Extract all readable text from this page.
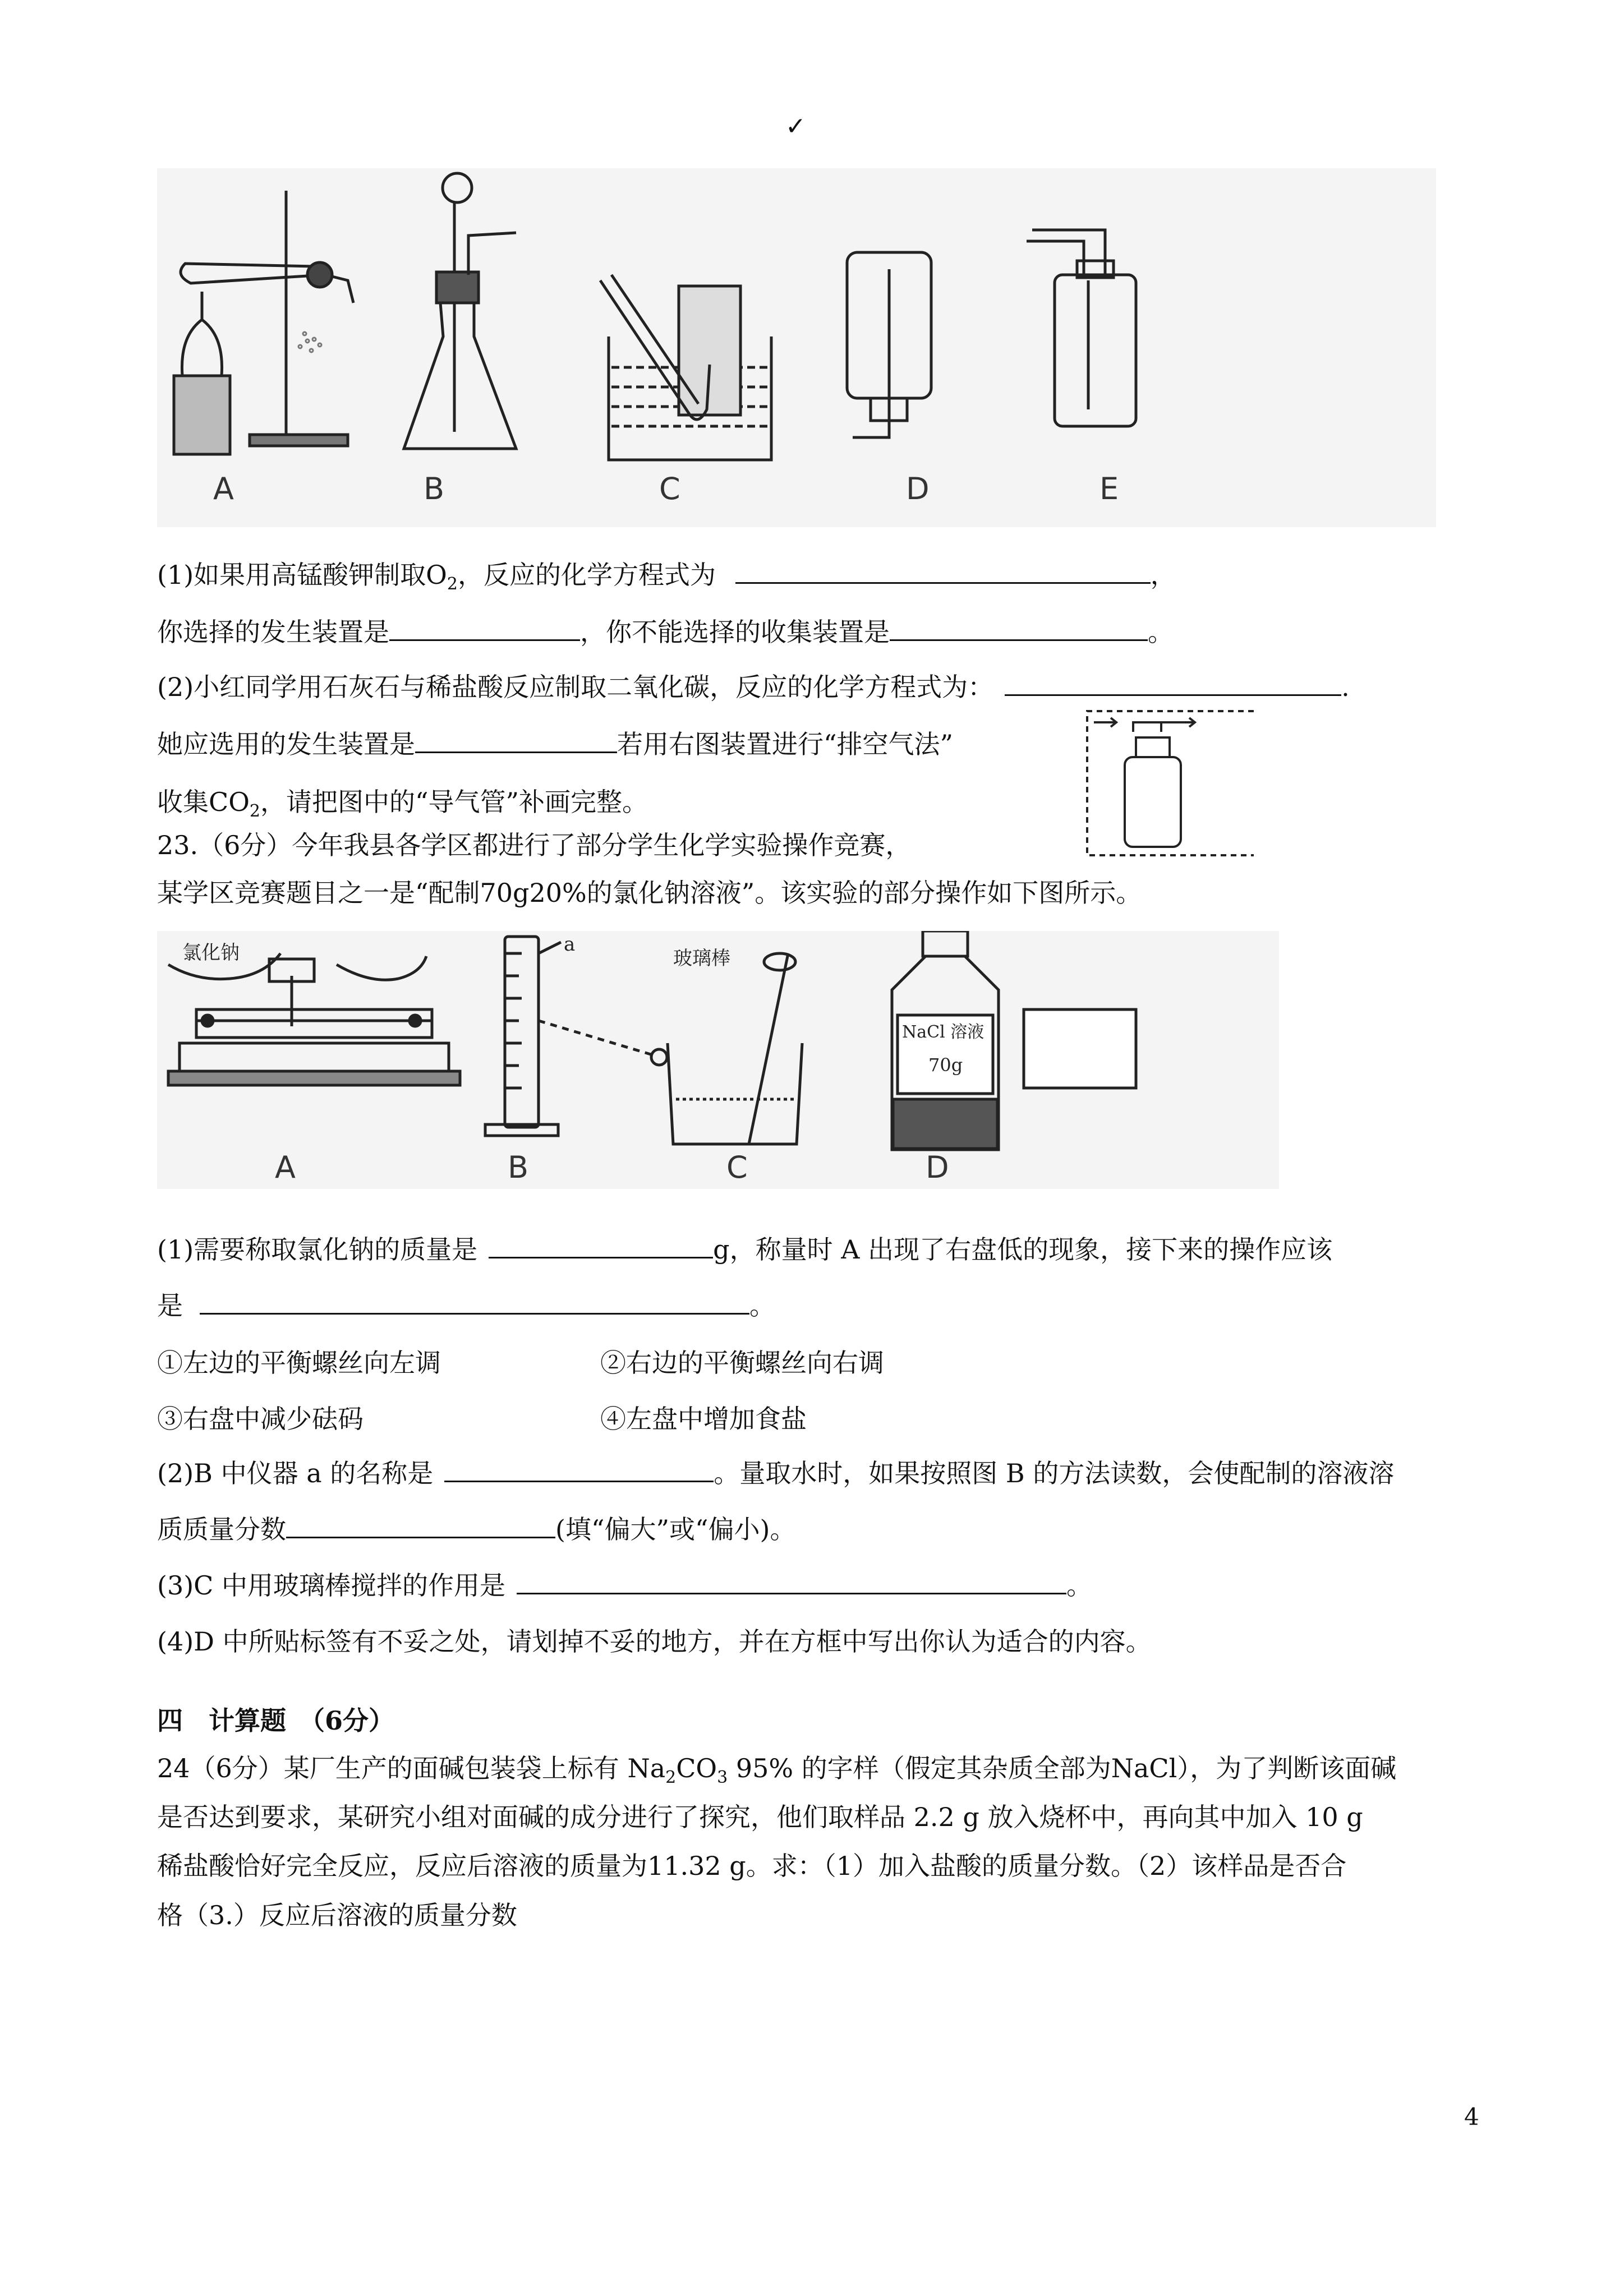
✓
A	B	C	D	E
(1)如果用高锰酸钾制取$O_2$，反应的化学方程式为	，
你选择的发生装置是	，你不能选择的收集装置是	。
(2)小红同学用石灰石与稀盐酸反应制取二氧化碳，反应的化学方程式为：	.
她应选用的发生装置是	若用右图装置进行“排空气法”
收集$CO_2$，请把图中的“导气管”补画完整。
23.（6分）今年我县各学区都进行了部分学生化学实验操作竞赛，
某学区竞赛题目之一是“配制70g20%的氯化钠溶液”。该实验的部分操作如下图所示。
氯化钠	a
玻璃棒
NaCl 溶液
70g
A	B	C	D
(1)需要称取氯化钠的质量是	g，称量时 A 出现了右盘低的现象，接下来的操作应该
是	。
①左边的平衡螺丝向左调	②右边的平衡螺丝向右调
③右盘中减少砝码	④左盘中增加食盐
(2)B 中仪器 a 的名称是	。量取水时，如果按照图 B 的方法读数，会使配制的溶液溶
质质量分数	(填“偏大”或“偏小)。
(3)C 中用玻璃棒搅拌的作用是	。
(4)D 中所贴标签有不妥之处，请划掉不妥的地方，并在方框中写出你认为适合的内容。
四　计算题　（6分）
24（6分）某厂生产的面碱包装袋上标有 $Na_2CO_3$ 95% 的字样（假定其杂质全部为NaCl），为了判断该面碱
是否达到要求，某研究小组对面碱的成分进行了探究，他们取样品 2.2 g 放入烧杯中，再向其中加入 10 g
稀盐酸恰好完全反应，反应后溶液的质量为11.32 g。求：（1）加入盐酸的质量分数。（2）该样品是否合
格（3.）反应后溶液的质量分数
4
